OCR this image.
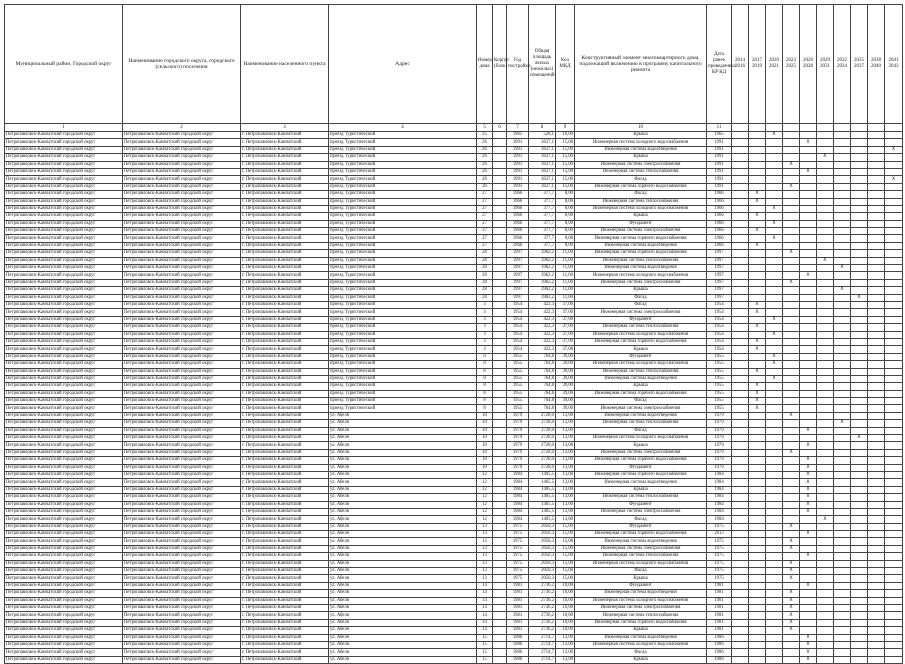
Муниципальный район, Городской округ	Наименование городского округа, городского (сельского) поселения	Наименование населенного пункта	Адрес	Номер дома	Корпус (блок)	Год постройки	Общая площадь жилых (нежилых) помещений	Кол МКД	Конструктивный элемент многоквартирного дома, подлежащий включению в программу капитального ремонта	Дата ранее проведенных КР КД	2014 2016	2017 2019	2020 2021	2023 2025	2026 2028	2029 2031	2032 2034	2035 2037	2038 2040	2041 2043
1	2	3	4	5	6	7	8	9	10	11										
Петропавловск-Камчатский городской округ	Петропавловск-Камчатский городской округ	г. Петропавловск-Камчатский	проезд Туристический	25		1965	528,1	10,00	Крыша	1965			X							
Петропавловск-Камчатский городской округ	Петропавловск-Камчатский городской округ	г. Петропавловск-Камчатский	проезд Туристический	26		1991	3637,1	15,00	Инженерная система холодного водоснабжения	1991					X					
Петропавловск-Камчатский городской округ	Петропавловск-Камчатский городской округ	г. Петропавловск-Камчатский	проезд Туристический	26		1991	3637,1	15,00	Инженерная система водоотведения	1991										X
Петропавловск-Камчатский городской округ	Петропавловск-Камчатский городской округ	г. Петропавловск-Камчатский	проезд Туристический	26		1991	3637,1	15,00	Крыша	1991						X				
Петропавловск-Камчатский городской округ	Петропавловск-Камчатский городской округ	г. Петропавловск-Камчатский	проезд Туристический	26		1991	3637,1	15,00	Инженерная система электроснабжения	1991				X						
Петропавловск-Камчатский городской округ	Петропавловск-Камчатский городской округ	г. Петропавловск-Камчатский	проезд Туристический	26		1991	3637,1	15,00	Инженерная система теплоснабжения	1991					X					
Петропавловск-Камчатский городской округ	Петропавловск-Камчатский городской округ	г. Петропавловск-Камчатский	проезд Туристический	26		1991	3637,1	15,00	Фасад	1991										X
Петропавловск-Камчатский городской округ	Петропавловск-Камчатский городской округ	г. Петропавловск-Камчатский	проезд Туристический	26		1991	3637,1	15,00	Инженерная система горячего водоснабжения	1991				X						
Петропавловск-Камчатский городской округ	Петропавловск-Камчатский городской округ	г. Петропавловск-Камчатский	проезд Туристический	27		1966	377,7	8,00	Фасад	1966		X								
Петропавловск-Камчатский городской округ	Петропавловск-Камчатский городской округ	г. Петропавловск-Камчатский	проезд Туристический	27		1966	377,7	8,00	Инженерная система теплоснабжения	1966		X								
Петропавловск-Камчатский городской округ	Петропавловск-Камчатский городской округ	г. Петропавловск-Камчатский	проезд Туристический	27		1966	377,7	8,00	Инженерная система холодного водоснабжения	1966			X							
Петропавловск-Камчатский городской округ	Петропавловск-Камчатский городской округ	г. Петропавловск-Камчатский	проезд Туристический	27		1966	377,7	8,00	Крыша	1966		X								
Петропавловск-Камчатский городской округ	Петропавловск-Камчатский городской округ	г. Петропавловск-Камчатский	проезд Туристический	27		1966	377,7	8,00	Фундамент	1966			X							
Петропавловск-Камчатский городской округ	Петропавловск-Камчатский городской округ	г. Петропавловск-Камчатский	проезд Туристический	27		1966	377,7	8,00	Инженерная система электроснабжения	1966		X								
Петропавловск-Камчатский городской округ	Петропавловск-Камчатский городской округ	г. Петропавловск-Камчатский	проезд Туристический	27		1966	377,7	8,00	Инженерная система горячего водоснабжения	1966			X							
Петропавловск-Камчатский городской округ	Петропавловск-Камчатский городской округ	г. Петропавловск-Камчатский	проезд Туристический	27		1966	377,7	8,00	Инженерная система водоотведения	1966		X								
Петропавловск-Камчатский городской округ	Петропавловск-Камчатский городской округ	г. Петропавловск-Камчатский	проезд Туристический	28		1997	3962,2	11,00	Инженерная система горячего водоснабжения	1997				X						
Петропавловск-Камчатский городской округ	Петропавловск-Камчатский городской округ	г. Петропавловск-Камчатский	проезд Туристический	28		1997	3962,2	11,00	Инженерная система теплоснабжения	1997						X				
Петропавловск-Камчатский городской округ	Петропавловск-Камчатский городской округ	г. Петропавловск-Камчатский	проезд Туристический	28		1997	3962,2	11,00	Инженерная система водоотведения	1997							X			
Петропавловск-Камчатский городской округ	Петропавловск-Камчатский городской округ	г. Петропавловск-Камчатский	проезд Туристический	28		1997	3962,2	11,00	Инженерная система холодного водоснабжения	1997					X					
Петропавловск-Камчатский городской округ	Петропавловск-Камчатский городской округ	г. Петропавловск-Камчатский	проезд Туристический	28		1997	3962,2	11,00	Инженерная система электроснабжения	1997				X						
Петропавловск-Камчатский городской округ	Петропавловск-Камчатский городской округ	г. Петропавловск-Камчатский	проезд Туристический	28		1997	3962,2	11,00	Крыша	1997							X			
Петропавловск-Камчатский городской округ	Петропавловск-Камчатский городской округ	г. Петропавловск-Камчатский	проезд Туристический	28		1997	3962,2	11,00	Фасад	1997								X		
Петропавловск-Камчатский городской округ	Петропавловск-Камчатский городской округ	г. Петропавловск-Камчатский	проезд Туристический	3		1954	422,3	37,00	Фасад	1954		X								
Петропавловск-Камчатский городской округ	Петропавловск-Камчатский городской округ	г. Петропавловск-Камчатский	проезд Туристический	3		1954	422,3	37,00	Инженерная система электроснабжения	1954		X								
Петропавловск-Камчатский городской округ	Петропавловск-Камчатский городской округ	г. Петропавловск-Камчатский	проезд Туристический	3		1954	422,3	37,00	Фундамент	1954			X							
Петропавловск-Камчатский городской округ	Петропавловск-Камчатский городской округ	г. Петропавловск-Камчатский	проезд Туристический	3		1954	422,3	37,00	Инженерная система теплоснабжения	1954		X								
Петропавловск-Камчатский городской округ	Петропавловск-Камчатский городской округ	г. Петропавловск-Камчатский	проезд Туристический	3		1954	422,3	37,00	Инженерная система холодного водоснабжения	1954			X							
Петропавловск-Камчатский городской округ	Петропавловск-Камчатский городской округ	г. Петропавловск-Камчатский	проезд Туристический	3		1954	422,3	37,00	Инженерная система горячего водоснабжения	1954		X								
Петропавловск-Камчатский городской округ	Петропавловск-Камчатский городской округ	г. Петропавловск-Камчатский	проезд Туристический	3		1954	422,3	37,00	Крыша	1954		X								
Петропавловск-Камчатский городской округ	Петропавловск-Камчатский городской округ	г. Петропавловск-Камчатский	проезд Туристический	8		1955	764,8	39,00	Фундамент	1955			X							
Петропавловск-Камчатский городской округ	Петропавловск-Камчатский городской округ	г. Петропавловск-Камчатский	проезд Туристический	8		1955	764,8	39,00	Инженерная система холодного водоснабжения	1955			X							
Петропавловск-Камчатский городской округ	Петропавловск-Камчатский городской округ	г. Петропавловск-Камчатский	проезд Туристический	8		1955	764,8	39,00	Инженерная система теплоснабжения	1955		X								
Петропавловск-Камчатский городской округ	Петропавловск-Камчатский городской округ	г. Петропавловск-Камчатский	проезд Туристический	8		1955	764,8	39,00	Инженерная система водоотведения	1955			X							
Петропавловск-Камчатский городской округ	Петропавловск-Камчатский городской округ	г. Петропавловск-Камчатский	проезд Туристический	8		1955	764,8	39,00	Крыша	1955		X								
Петропавловск-Камчатский городской округ	Петропавловск-Камчатский городской округ	г. Петропавловск-Камчатский	проезд Туристический	8		1955	764,8	39,00	Инженерная система горячего водоснабжения	1955		X								
Петропавловск-Камчатский городской округ	Петропавловск-Камчатский городской округ	г. Петропавловск-Камчатский	проезд Туристический	8		1955	764,8	39,00	Фасад	1955		X								
Петропавловск-Камчатский городской округ	Петропавловск-Камчатский городской округ	г. Петропавловск-Камчатский	проезд Туристический	8		1955	764,8	39,00	Инженерная система электроснабжения	1955		X								
Петропавловск-Камчатский городской округ	Петропавловск-Камчатский городской округ	г. Петропавловск-Камчатский	ул. Абеля	10		1979	2728,0	13,00	Инженерная система водоотведения	1979				X						
Петропавловск-Камчатский городской округ	Петропавловск-Камчатский городской округ	г. Петропавловск-Камчатский	ул. Абеля	10		1979	2728,0	13,00	Инженерная система теплоснабжения	1979							X			
Петропавловск-Камчатский городской округ	Петропавловск-Камчатский городской округ	г. Петропавловск-Камчатский	ул. Абеля	10		1979	2728,0	13,00	Фасад	1979					X					
Петропавловск-Камчатский городской округ	Петропавловск-Камчатский городской округ	г. Петропавловск-Камчатский	ул. Абеля	10		1979	2728,0	13,00	Инженерная система холодного водоснабжения	1979								X		
Петропавловск-Камчатский городской округ	Петропавловск-Камчатский городской округ	г. Петропавловск-Камчатский	ул. Абеля	10		1979	2728,0	13,00	Крыша	1979					X					
Петропавловск-Камчатский городской округ	Петропавловск-Камчатский городской округ	г. Петропавловск-Камчатский	ул. Абеля	10		1979	2728,0	13,00	Инженерная система электроснабжения	1979				X						
Петропавловск-Камчатский городской округ	Петропавловск-Камчатский городской округ	г. Петропавловск-Камчатский	ул. Абеля	10		1979	2728,0	13,00	Инженерная система горячего водоснабжения	1979					X					
Петропавловск-Камчатский городской округ	Петропавловск-Камчатский городской округ	г. Петропавловск-Камчатский	ул. Абеля	10		1979	2728,0	13,00	Фундамент	1979					X					
Петропавловск-Камчатский городской округ	Петропавловск-Камчатский городской округ	г. Петропавловск-Камчатский	ул. Абеля	12		1984	1405,5	13,00	Инженерная система горячего водоснабжения	1984					X					
Петропавловск-Камчатский городской округ	Петропавловск-Камчатский городской округ	г. Петропавловск-Камчатский	ул. Абеля	12		1984	1405,5	13,00	Инженерная система водоотведения	1984					X					
Петропавловск-Камчатский городской округ	Петропавловск-Камчатский городской округ	г. Петропавловск-Камчатский	ул. Абеля	12		1984	1405,5	13,00	Крыша	1984					X					
Петропавловск-Камчатский городской округ	Петропавловск-Камчатский городской округ	г. Петропавловск-Камчатский	ул. Абеля	12		1984	1405,5	13,00	Инженерная система теплоснабжения	1984					X					
Петропавловск-Камчатский городской округ	Петропавловск-Камчатский городской округ	г. Петропавловск-Камчатский	ул. Абеля	12		1984	1405,5	13,00	Фундамент	1984					X					
Петропавловск-Камчатский городской округ	Петропавловск-Камчатский городской округ	г. Петропавловск-Камчатский	ул. Абеля	12		1984	1405,5	13,00	Инженерная система электроснабжения	1984					X					
Петропавловск-Камчатский городской округ	Петропавловск-Камчатский городской округ	г. Петропавловск-Камчатский	ул. Абеля	12		1984	1405,5	13,00	Фасад	1984						X				
Петропавловск-Камчатский городской округ	Петропавловск-Камчатский городской округ	г. Петропавловск-Камчатский	ул. Абеля	13		1975	2050,3	15,00	Фундамент	1975				X						
Петропавловск-Камчатский городской округ	Петропавловск-Камчатский городской округ	г. Петропавловск-Камчатский	ул. Абеля	13		1975	2050,3	15,00	Инженерная система горячего водоснабжения	2013					X					
Петропавловск-Камчатский городской округ	Петропавловск-Камчатский городской округ	г. Петропавловск-Камчатский	ул. Абеля	13		1975	2050,3	15,00	Инженерная система водоотведения	1975				X						
Петропавловск-Камчатский городской округ	Петропавловск-Камчатский городской округ	г. Петропавловск-Камчатский	ул. Абеля	13		1975	2050,3	15,00	Инженерная система электроснабжения	1975				X						
Петропавловск-Камчатский городской округ	Петропавловск-Камчатский городской округ	г. Петропавловск-Камчатский	ул. Абеля	13		1975	2050,3	15,00	Инженерная система теплоснабжения	1975					X					
Петропавловск-Камчатский городской округ	Петропавловск-Камчатский городской округ	г. Петропавловск-Камчатский	ул. Абеля	13		1975	2050,3	15,00	Инженерная система холодного водоснабжения	1975				X						
Петропавловск-Камчатский городской округ	Петропавловск-Камчатский городской округ	г. Петропавловск-Камчатский	ул. Абеля	13		1975	2050,3	15,00	Фасад	1975				X						
Петропавловск-Камчатский городской округ	Петропавловск-Камчатский городской округ	г. Петропавловск-Камчатский	ул. Абеля	13		1975	2050,3	15,00	Крыша	1975				X						
Петропавловск-Камчатский городской округ	Петропавловск-Камчатский городской округ	г. Петропавловск-Камчатский	ул. Абеля	14		1981	2736,2	10,00	Фундамент	1981					X					
Петропавловск-Камчатский городской округ	Петропавловск-Камчатский городской округ	г. Петропавловск-Камчатский	ул. Абеля	14		1981	2736,2	10,00	Инженерная система водоотведения	1981				X						
Петропавловск-Камчатский городской округ	Петропавловск-Камчатский городской округ	г. Петропавловск-Камчатский	ул. Абеля	14		1981	2736,2	10,00	Инженерная система холодного водоснабжения	1981				X						
Петропавловск-Камчатский городской округ	Петропавловск-Камчатский городской округ	г. Петропавловск-Камчатский	ул. Абеля	14		1981	2736,2	10,00	Инженерная система электроснабжения	1981				X						
Петропавловск-Камчатский городской округ	Петропавловск-Камчатский городской округ	г. Петропавловск-Камчатский	ул. Абеля	14		1981	2736,2	10,00	Инженерная система теплоснабжения	1981				X						
Петропавловск-Камчатский городской округ	Петропавловск-Камчатский городской округ	г. Петропавловск-Камчатский	ул. Абеля	14		1981	2736,2	10,00	Инженерная система горячего водоснабжения	1981				X						
Петропавловск-Камчатский городской округ	Петропавловск-Камчатский городской округ	г. Петропавловск-Камчатский	ул. Абеля	14		1981	2736,2	10,00	Крыша	1981				X						
Петропавловск-Камчатский городской округ	Петропавловск-Камчатский городской округ	г. Петропавловск-Камчатский	ул. Абеля	15		1986	2714,7	13,00	Инженерная система водоотведения	1986					X					
Петропавловск-Камчатский городской округ	Петропавловск-Камчатский городской округ	г. Петропавловск-Камчатский	ул. Абеля	15		1986	2714,7	13,00	Инженерная система холодного водоснабжения	1986					X					
Петропавловск-Камчатский городской округ	Петропавловск-Камчатский городской округ	г. Петропавловск-Камчатский	ул. Абеля	15		1986	2714,7	13,00	Фасад	1986					X					
Петропавловск-Камчатский городской округ	Петропавловск-Камчатский городской округ	г. Петропавловск-Камчатский	ул. Абеля	15		1986	2714,7	13,00	Крыша	1986					X					
